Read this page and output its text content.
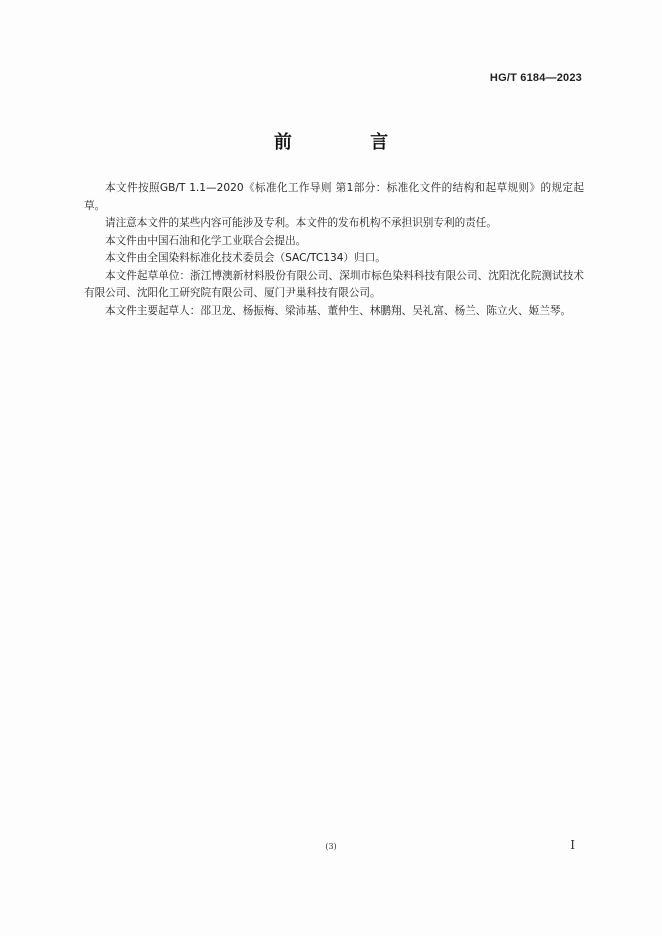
HG/T 6184—2023
前 言

本文件按照GB/T 1.1—2020《标准化工作导则 第1部分：标准化文件的结构和起草规则》的规定起草。

请注意本文件的某些内容可能涉及专利。本文件的发布机构不承担识别专利的责任。

本文件由中国石油和化学工业联合会提出。

本文件由全国染料标准化技术委员会（SAC/TC134）归口。

本文件起草单位：浙江博澳新材料股份有限公司、深圳市标色染料科技有限公司、沈阳沈化院测试技术有限公司、沈阳化工研究院有限公司、厦门尹巢科技有限公司。

本文件主要起草人：邵卫龙、杨振梅、梁沛基、董仲生、林鹏翔、吴礼富、杨兰、陈立火、姬兰琴。

(3)	I
